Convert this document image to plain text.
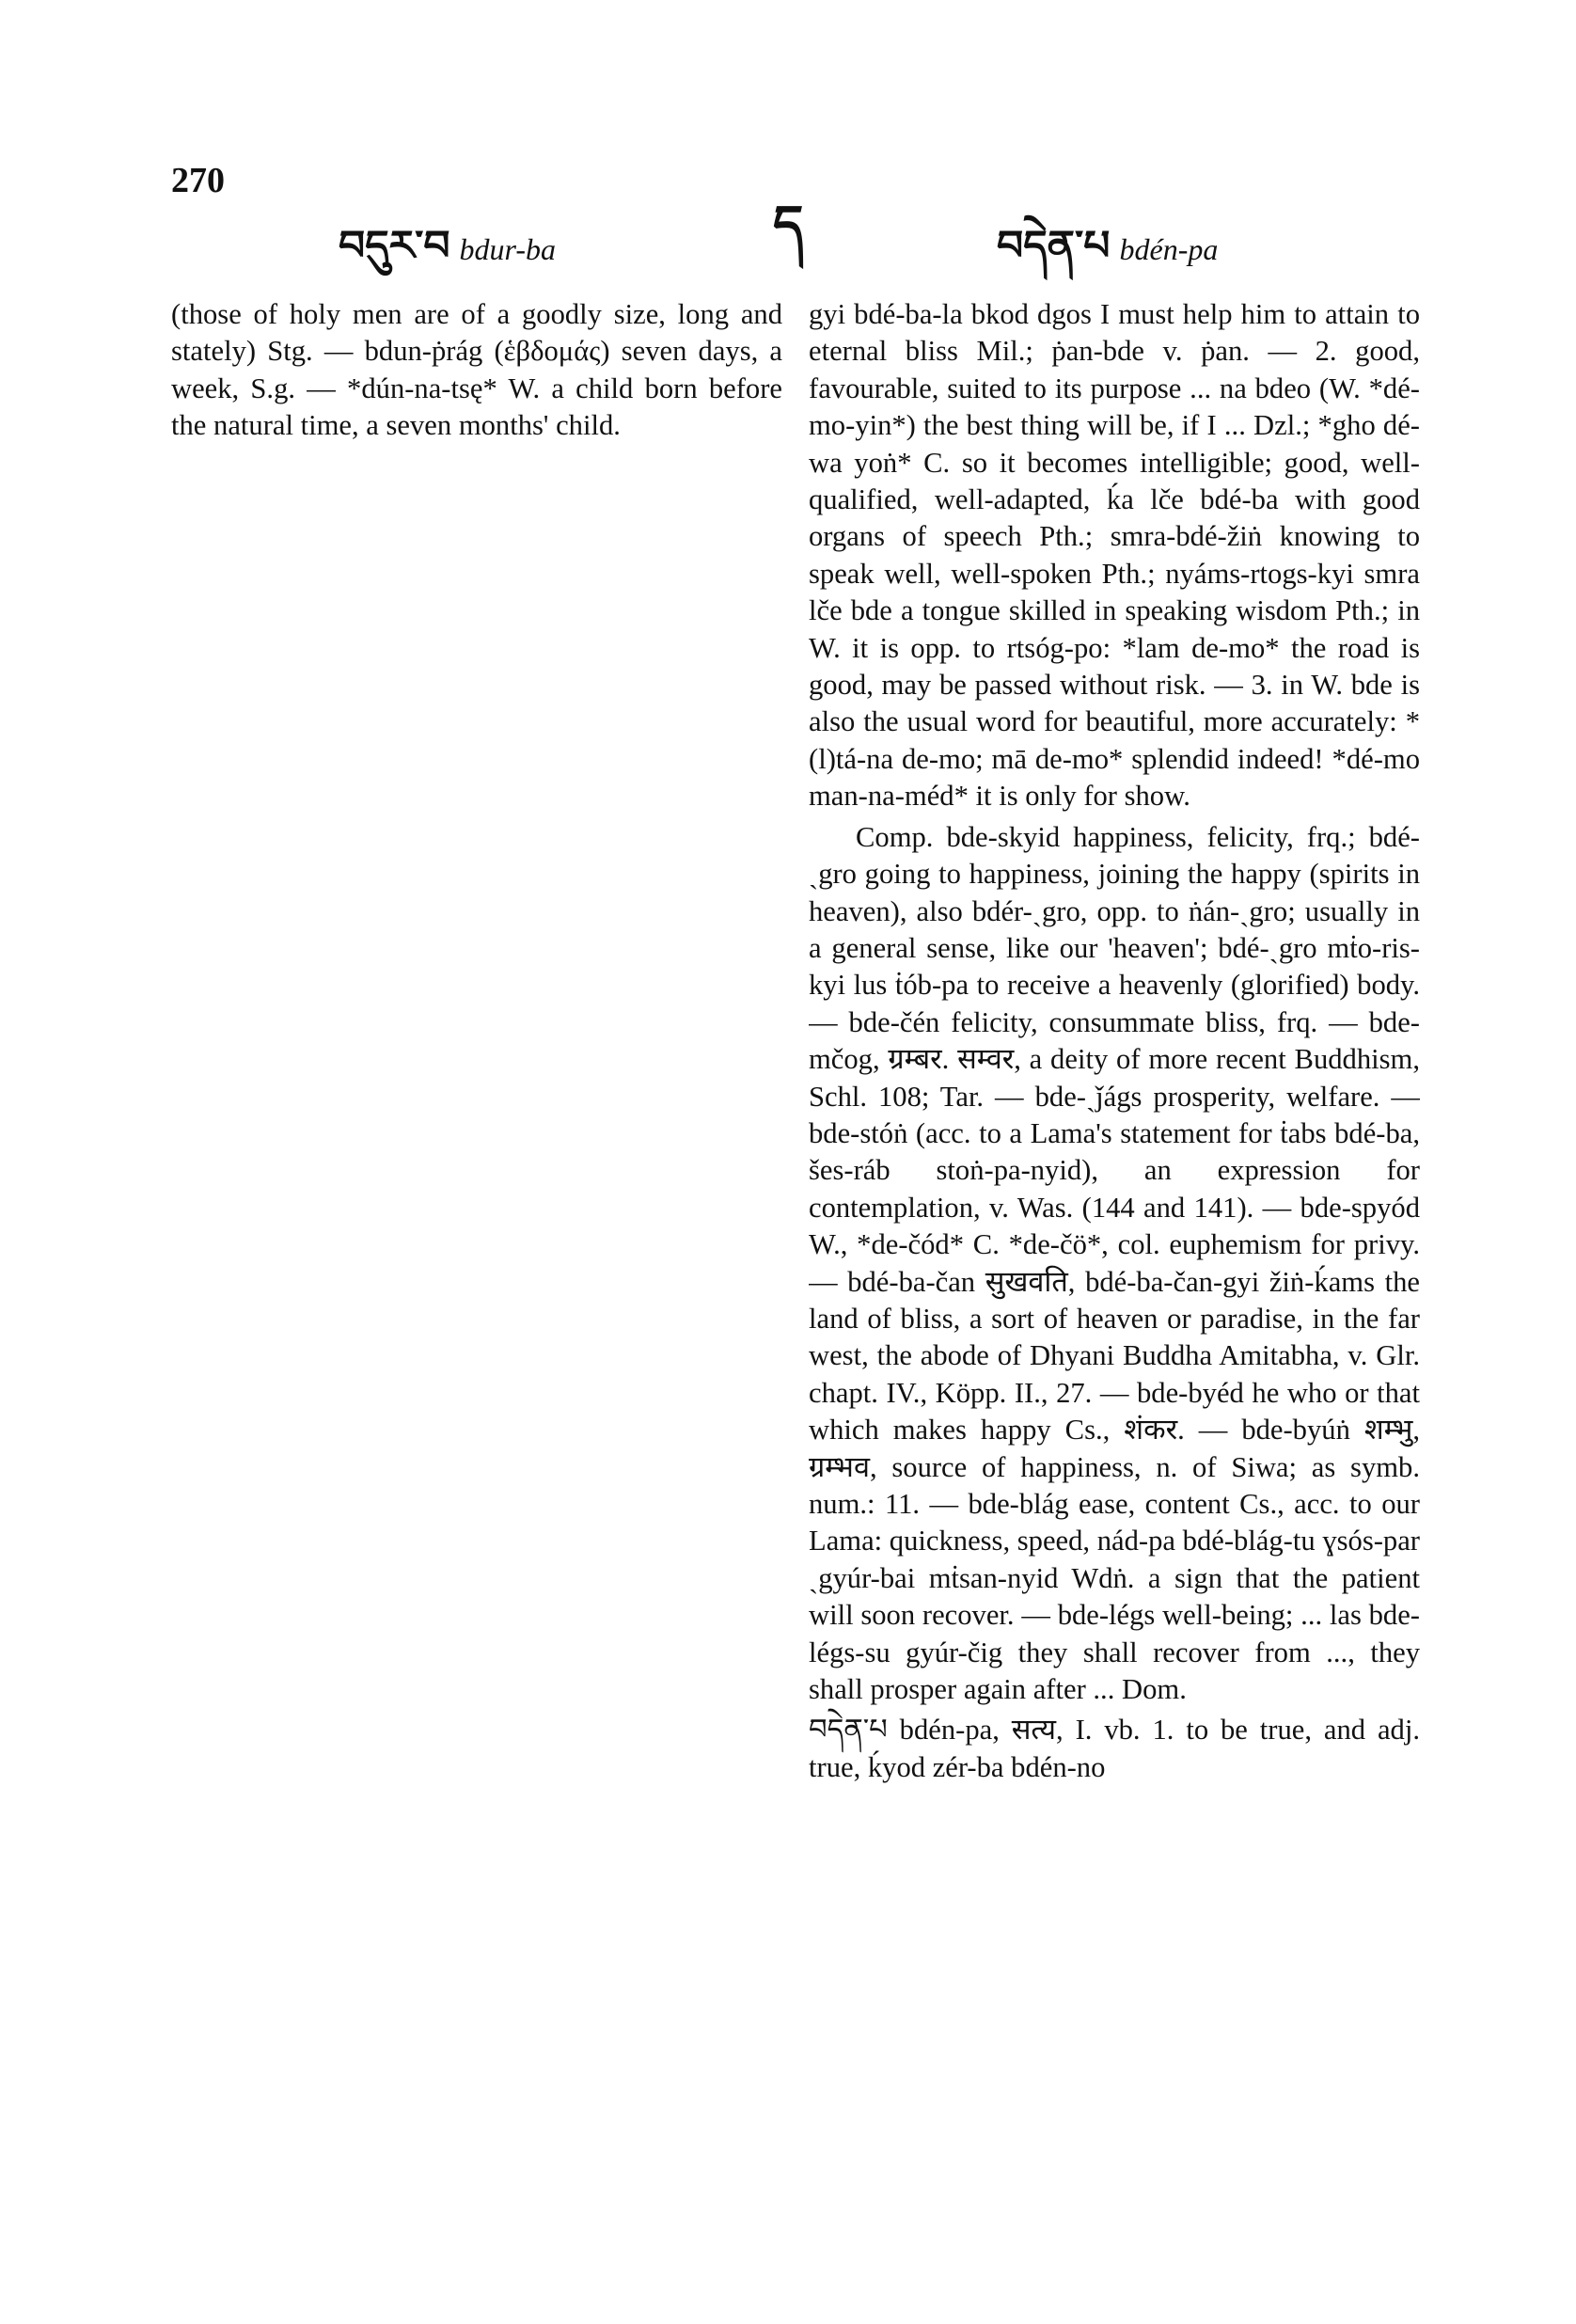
270
བདུར་བ bdur-ba	ད	བདེན་པ bdén-pa

(those of holy men are of a goodly size, long and stately) Stg. — bdun-ṗrág (ἑβδομάς) seven days, a week, S.g. — *dún-na-tsę* W. a child born before the natural time, a seven months' child.

gyi bdé-ba-la bkod dgos I must help him to attain to eternal bliss Mil.; ṗan-bde v. ṗan. — 2. good, favourable, suited to its purpose ... na bdeo (W. *dé-mo-yin*) the best thing will be, if I ... Dzl.; *gho dé-wa yoṅ* C. so it becomes intelligible; good, well-qualified, well-adapted, ḱa lče bdé-ba with good organs of speech Pth.; smra-bdé-žiṅ knowing to speak well, well-spoken Pth.; nyáms-rtogs-kyi smra lče bde a tongue skilled in speaking wisdom Pth.; in W. it is opp. to rtsóg-po: *lam de-mo* the road is good, may be passed without risk. — 3. in W. bde is also the usual word for beautiful, more accurately: *(l)tá-na de-mo; mā de-mo* splendid indeed! *dé-mo man-na-méd* it is only for show.

Comp. bde-skyid happiness, felicity, frq.; bdé-ˏgro going to happiness, joining the happy (spirits in heaven), also bdér-ˏgro, opp. to ṅán-ˏgro; usually in a general sense, like our 'heaven'; bdé-ˏgro mṫo-ris-kyi lus ṫób-pa to receive a heavenly (glorified) body. — bde-čén felicity, consummate bliss, frq. — bde-mčog, ग्रम्बर. सम्वर, a deity of more recent Buddhism, Schl. 108; Tar. — bde-ˏǰágs prosperity, welfare. — bde-stóṅ (acc. to a Lama's statement for ṫabs bdé-ba, šes-ráb stoṅ-pa-nyid), an expression for contemplation, v. Was. (144 and 141). — bde-spyód W., *de-čód* C. *de-čö*, col. euphemism for privy. — bdé-ba-čan सुखवति, bdé-ba-čan-gyi žiṅ-ḱams the land of bliss, a sort of heaven or paradise, in the far west, the abode of Dhyani Buddha Amitabha, v. Glr. chapt. IV., Köpp. II., 27. — bde-byéd he who or that which makes happy Cs., शंकर. — bde-byúṅ शम्भु, ग्रम्भव, source of happiness, n. of Siwa; as symb. num.: 11. — bde-blág ease, content Cs., acc. to our Lama: quickness, speed, nád-pa bdé-blág-tu ɣsós-par ˏgyúr-bai mṫsan-nyid Wdṅ. a sign that the patient will soon recover. — bde-légs well-being; ... las bde-légs-su gyúr-čig they shall recover from ..., they shall prosper again after ... Dom.

བདེན་པ bdén-pa, सत्य, I. vb. 1. to be true, and adj. true, ḱyod zér-ba bdén-no
